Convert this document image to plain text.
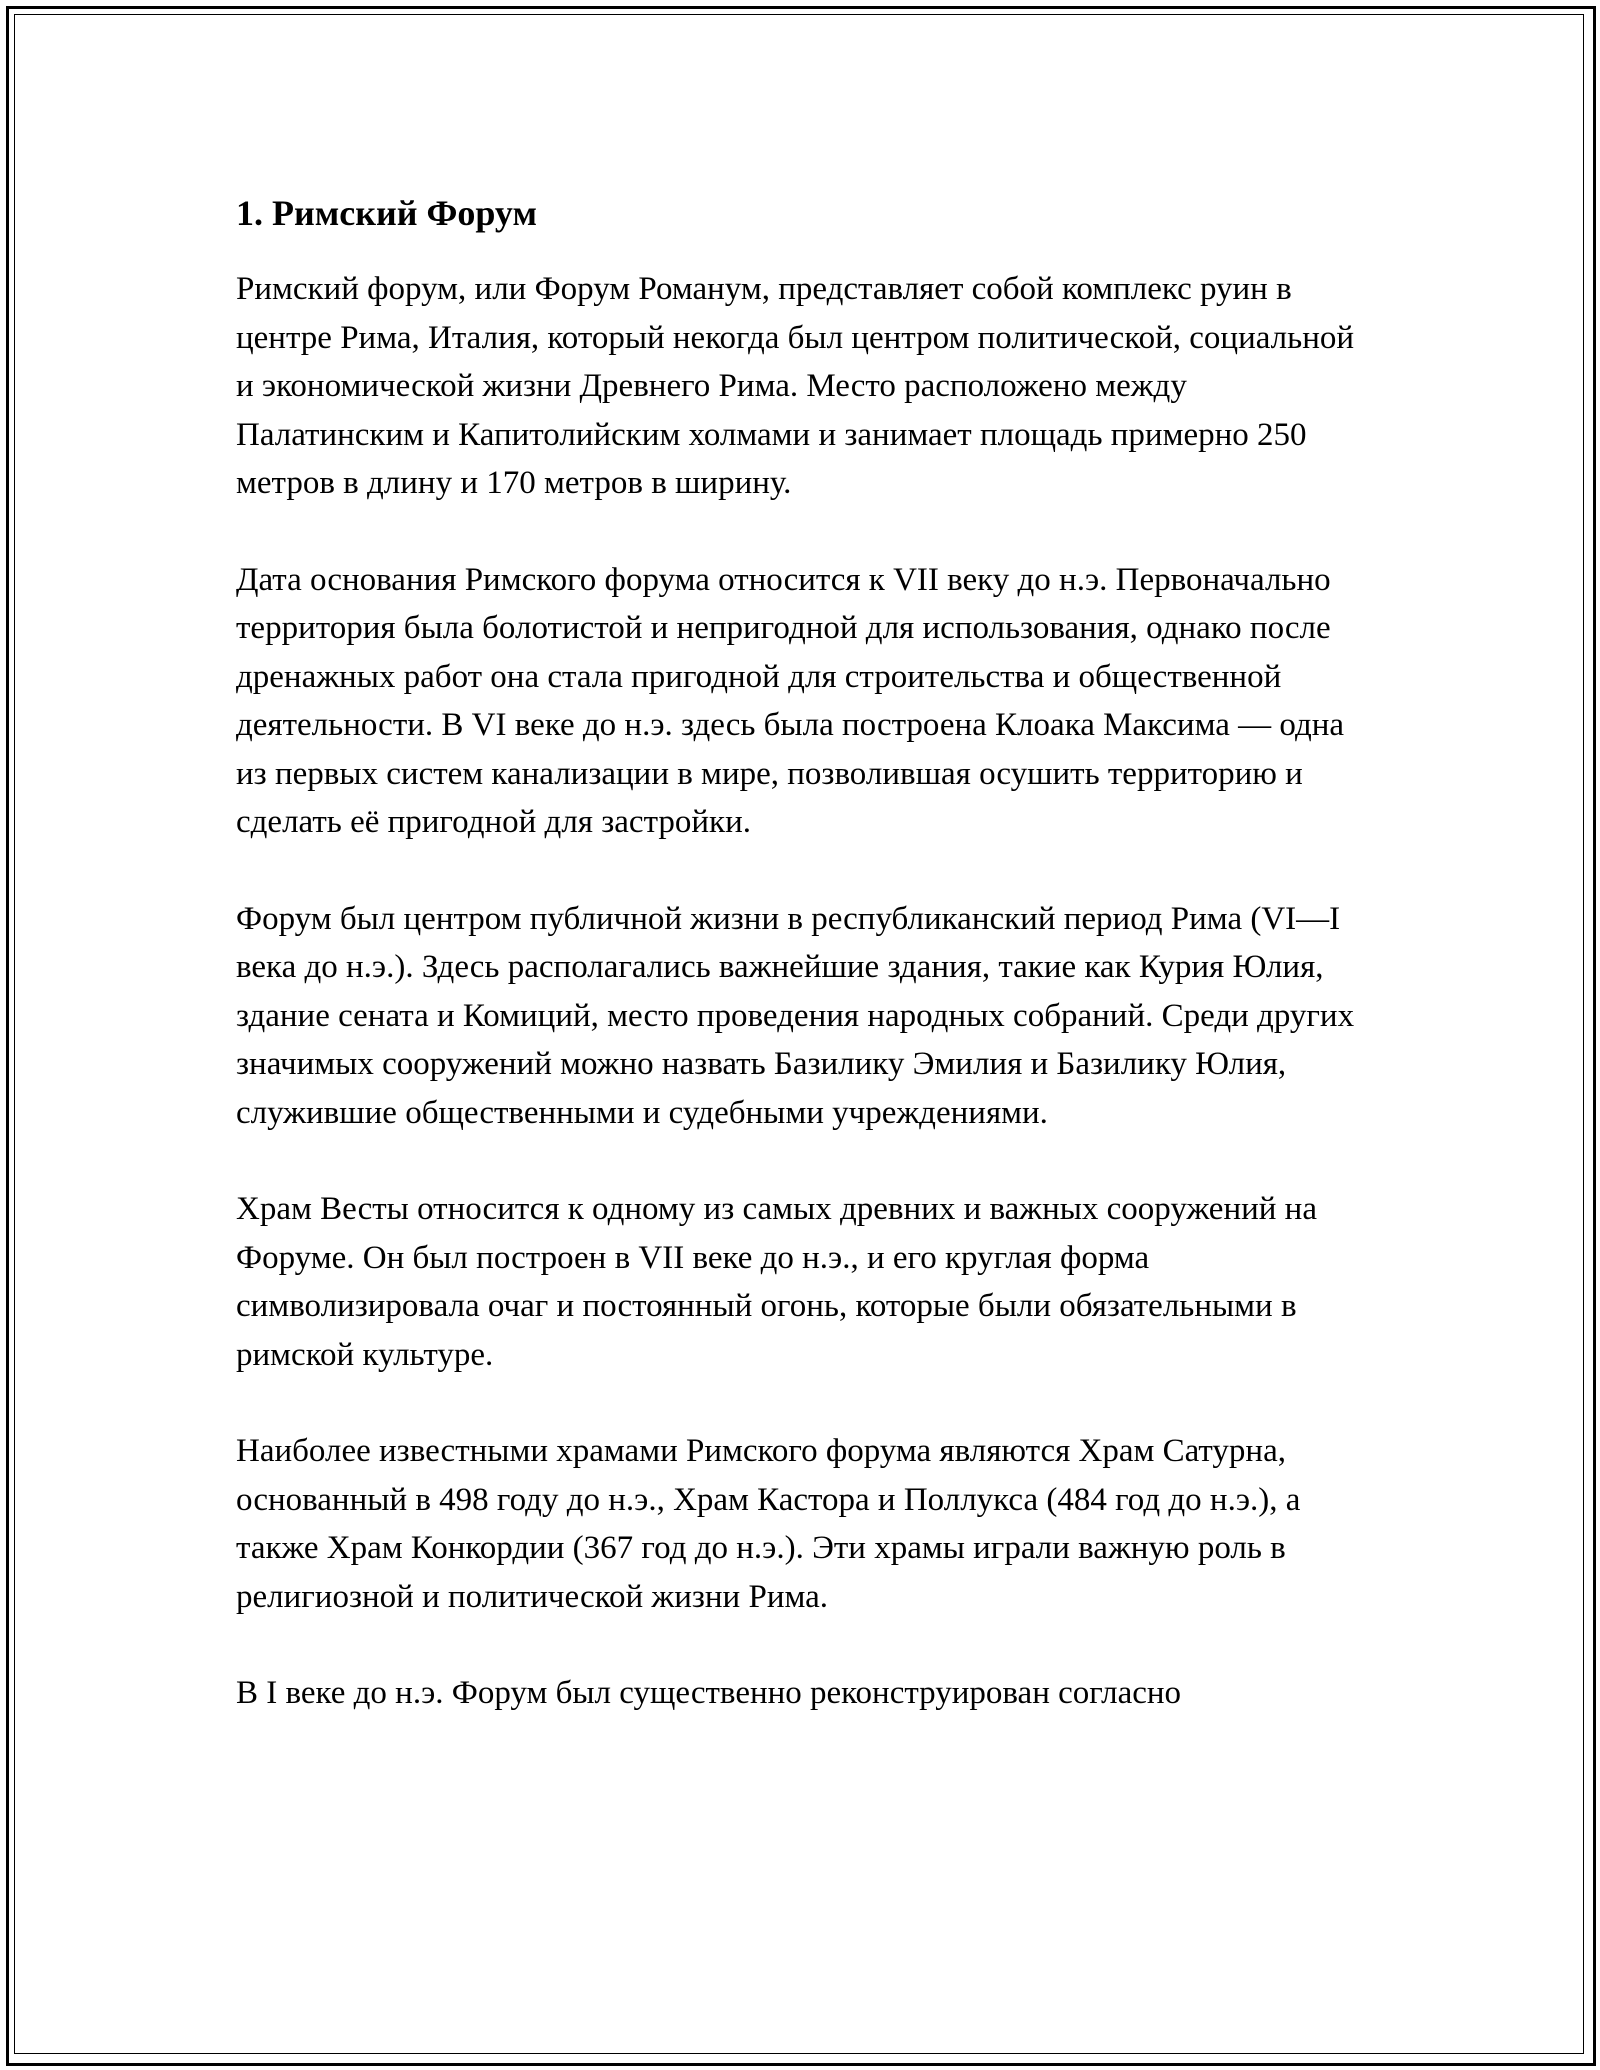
1. Римский Форум

Римский форум, или Форум Романум, представляет собой комплекс руин в центре Рима, Италия, который некогда был центром политической, социальной и экономической жизни Древнего Рима. Место расположено между Палатинским и Капитолийским холмами и занимает площадь примерно 250 метров в длину и 170 метров в ширину.

Дата основания Римского форума относится к VII веку до н.э. Первоначально территория была болотистой и непригодной для использования, однако после дренажных работ она стала пригодной для строительства и общественной деятельности. В VI веке до н.э. здесь была построена Клоака Максима — одна из первых систем канализации в мире, позволившая осушить территорию и сделать её пригодной для застройки.

Форум был центром публичной жизни в республиканский период Рима (VI—I века до н.э.). Здесь располагались важнейшие здания, такие как Курия Юлия, здание сената и Комиций, место проведения народных собраний. Среди других значимых сооружений можно назвать Базилику Эмилия и Базилику Юлия, служившие общественными и судебными учреждениями.

Храм Весты относится к одному из самых древних и важных сооружений на Форуме. Он был построен в VII веке до н.э., и его круглая форма символизировала очаг и постоянный огонь, которые были обязательными в римской культуре.

Наиболее известными храмами Римского форума являются Храм Сатурна, основанный в 498 году до н.э., Храм Кастора и Поллукса (484 год до н.э.), а также Храм Конкордии (367 год до н.э.). Эти храмы играли важную роль в религиозной и политической жизни Рима.

В I веке до н.э. Форум был существенно реконструирован согласно
